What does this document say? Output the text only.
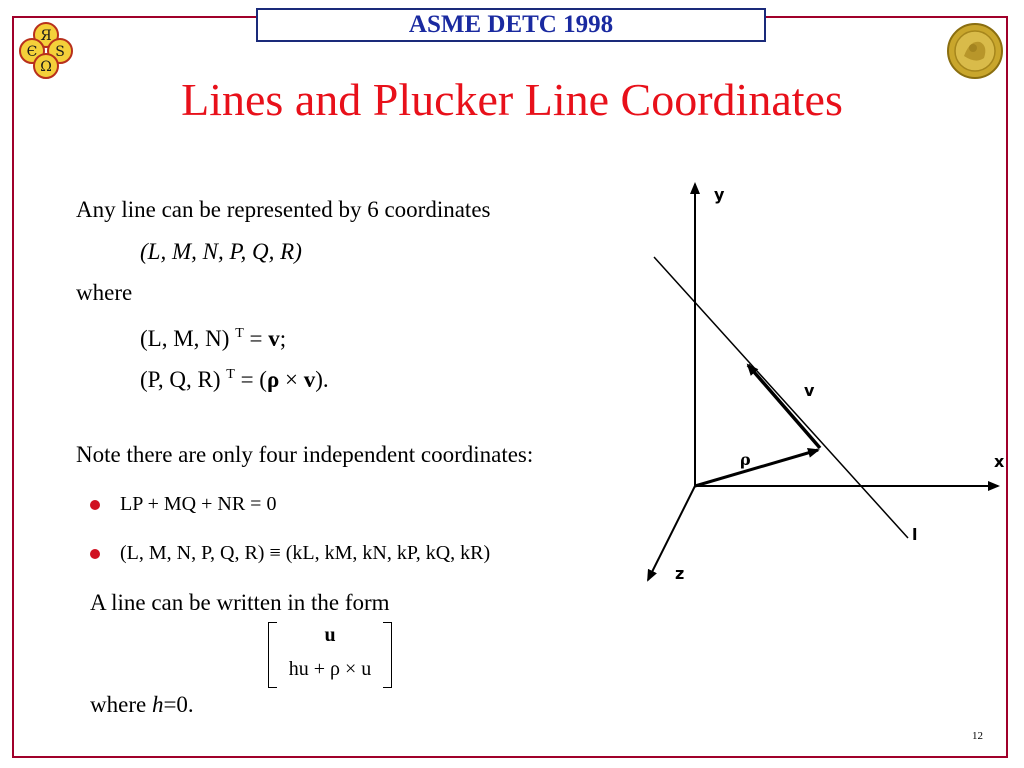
Я
Є S
Ω
ASME DETC 1998
Lines and Plucker Line Coordinates
Any line can be represented by 6 coordinates
(L, M, N, P, Q, R)
where
(L, M, N) $^T$ = v;
(P, Q, R) $^T$ = (ρ × v).
Note there are only four independent coordinates:
LP + MQ + NR = 0
(L, M, N, P, Q, R) ≡ (kL, kM, kN, kP, kQ, kR)
A line can be written in the form
u
hu + ρ × u
where h=0.
y
x
z
v
ρ
l
12
